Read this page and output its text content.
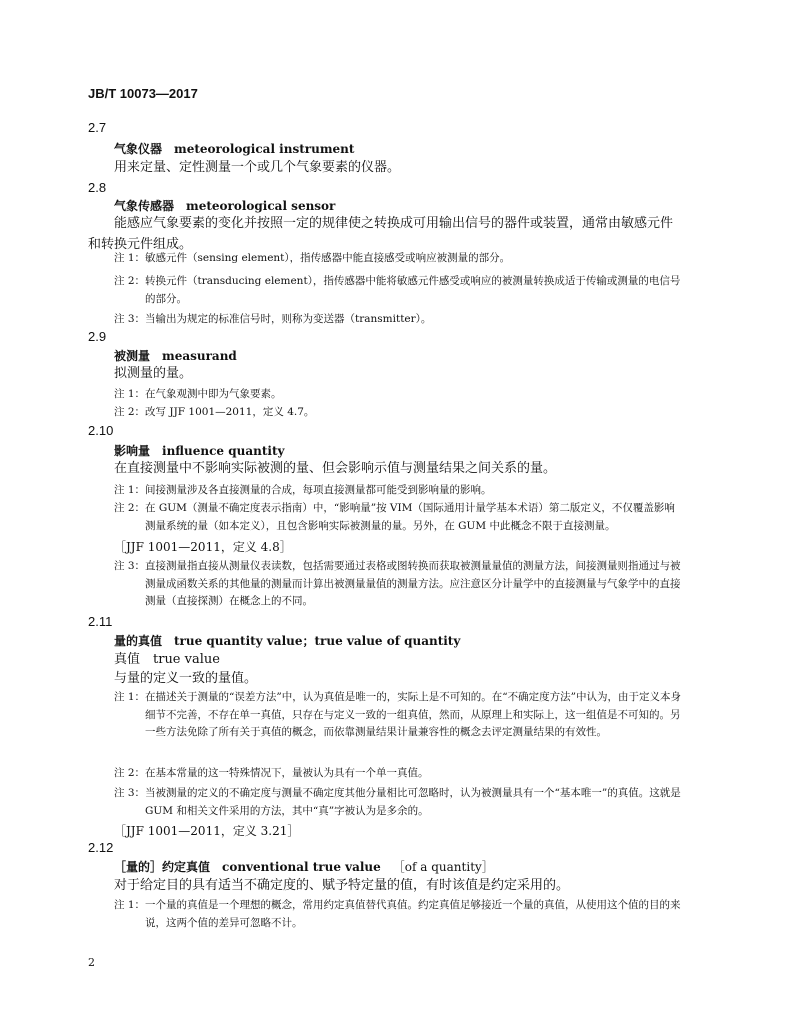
JB/T 10073—2017
2.7
气象仪器 meteorological instrument
用来定量、定性测量一个或几个气象要素的仪器。
2.8
气象传感器 meteorological sensor
能感应气象要素的变化并按照一定的规律使之转换成可用输出信号的器件或装置，通常由敏感元件和转换元件组成。
注 1： 敏感元件（sensing element），指传感器中能直接感受或响应被测量的部分。
注 2： 转换元件（transducing element），指传感器中能将敏感元件感受或响应的被测量转换成适于传输或测量的电信号的部分。
注 3： 当输出为规定的标准信号时，则称为变送器（transmitter）。
2.9
被测量 measurand
拟测量的量。
注 1： 在气象观测中即为气象要素。
注 2： 改写 JJF 1001—2011，定义 4.7。
2.10
影响量 influence quantity
在直接测量中不影响实际被测的量、但会影响示值与测量结果之间关系的量。
注 1： 间接测量涉及各直接测量的合成，每项直接测量都可能受到影响量的影响。
注 2： 在 GUM（测量不确定度表示指南）中，“影响量”按 VIM（国际通用计量学基本术语）第二版定义，不仅覆盖影响测量系统的量（如本定义），且包含影响实际被测量的量。另外，在 GUM 中此概念不限于直接测量。
［JJF 1001—2011，定义 4.8］
注 3： 直接测量指直接从测量仪表读数，包括需要通过表格或图转换而获取被测量量值的测量方法，间接测量则指通过与被测量成函数关系的其他量的测量而计算出被测量量值的测量方法。应注意区分计量学中的直接测量与气象学中的直接测量（直接探测）在概念上的不同。
2.11
量的真值 true quantity value；true value of quantity
真值　true value
与量的定义一致的量值。
注 1： 在描述关于测量的“误差方法”中，认为真值是唯一的，实际上是不可知的。在“不确定度方法”中认为，由于定义本身细节不完善，不存在单一真值，只存在与定义一致的一组真值，然而，从原理上和实际上，这一组值是不可知的。另一些方法免除了所有关于真值的概念，而依靠测量结果计量兼容性的概念去评定测量结果的有效性。
注 2： 在基本常量的这一特殊情况下，量被认为具有一个单一真值。
注 3： 当被测量的定义的不确定度与测量不确定度其他分量相比可忽略时，认为被测量具有一个“基本唯一”的真值。这就是 GUM 和相关文件采用的方法，其中“真”字被认为是多余的。
［JJF 1001—2011，定义 3.21］
2.12
［量的］约定真值 conventional true value ［of a quantity］
对于给定目的具有适当不确定度的、赋予特定量的值，有时该值是约定采用的。
注 1： 一个量的真值是一个理想的概念，常用约定真值替代真值。约定真值足够接近一个量的真值，从使用这个值的目的来说，这两个值的差异可忽略不计。
2
